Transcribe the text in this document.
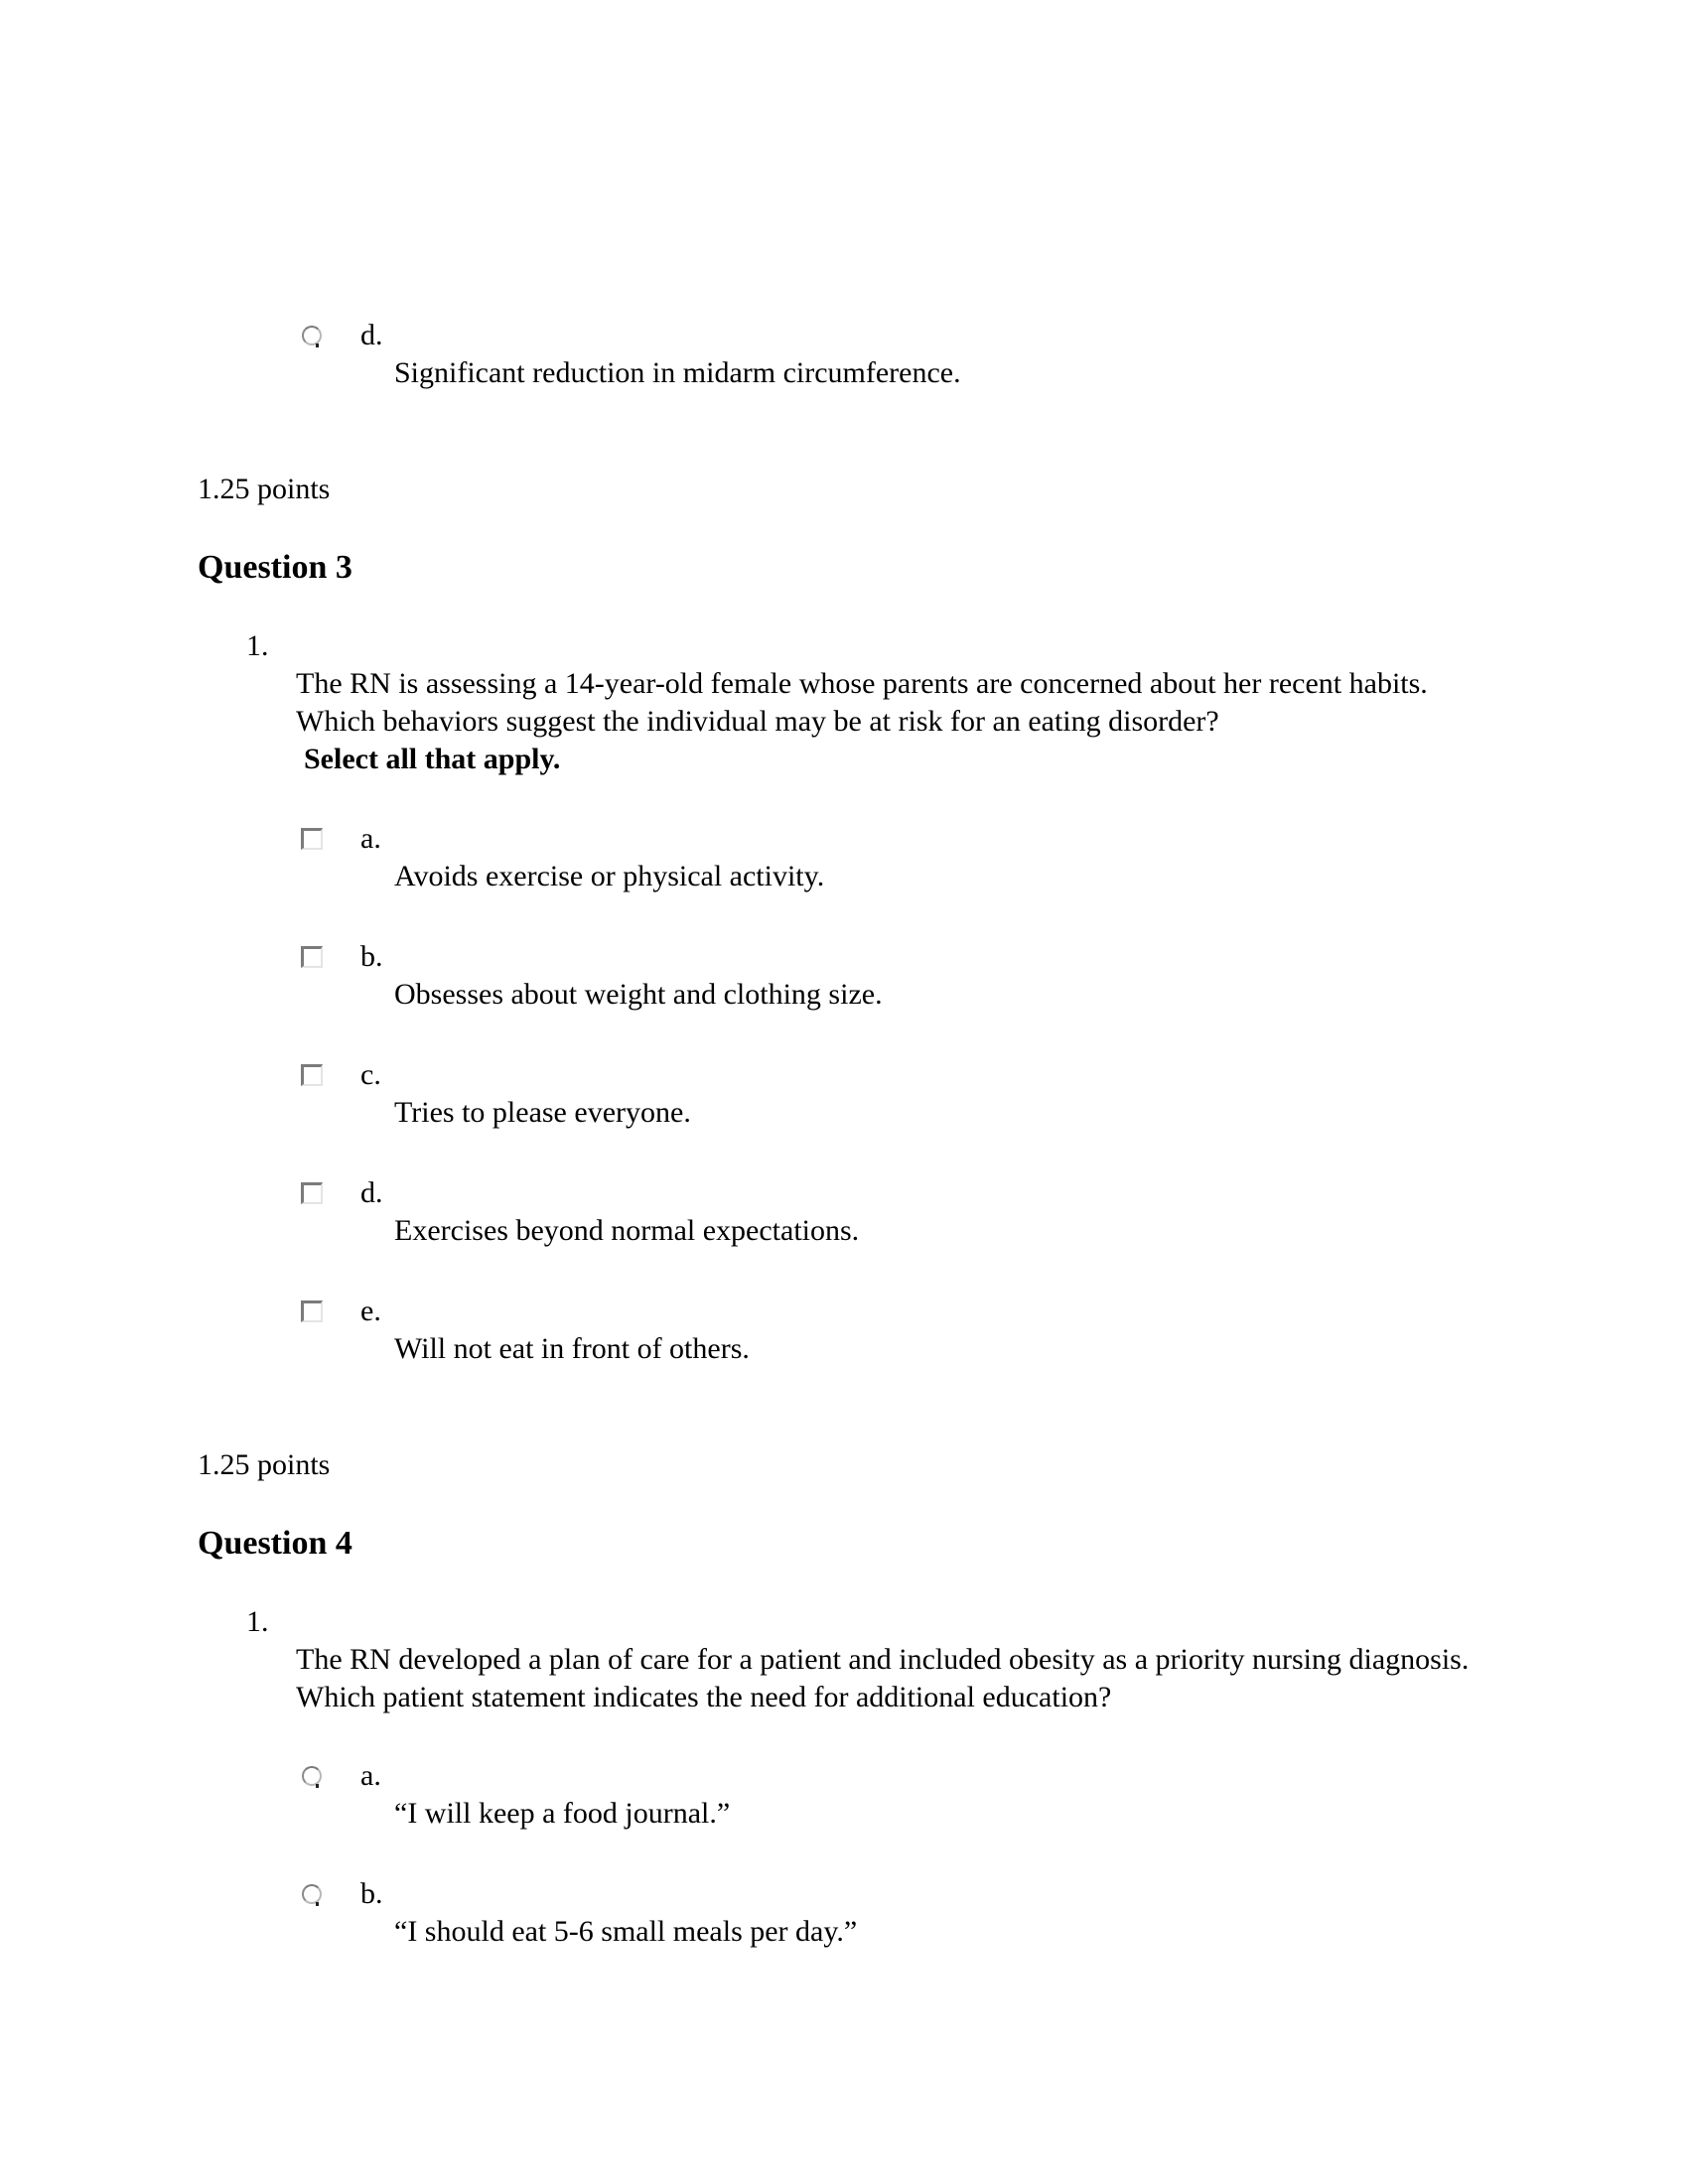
d.
Significant reduction in midarm circumference.
1.25 points
Question 3
1.
The RN is assessing a 14-year-old female whose parents are concerned about her recent habits. Which behaviors suggest the individual may be at risk for an eating disorder?
Select all that apply.
a.
Avoids exercise or physical activity.
b.
Obsesses about weight and clothing size.
c.
Tries to please everyone.
d.
Exercises beyond normal expectations.
e.
Will not eat in front of others.
1.25 points
Question 4
1.
The RN developed a plan of care for a patient and included obesity as a priority nursing diagnosis. Which patient statement indicates the need for additional education?
a.
“I will keep a food journal.”
b.
“I should eat 5-6 small meals per day.”
